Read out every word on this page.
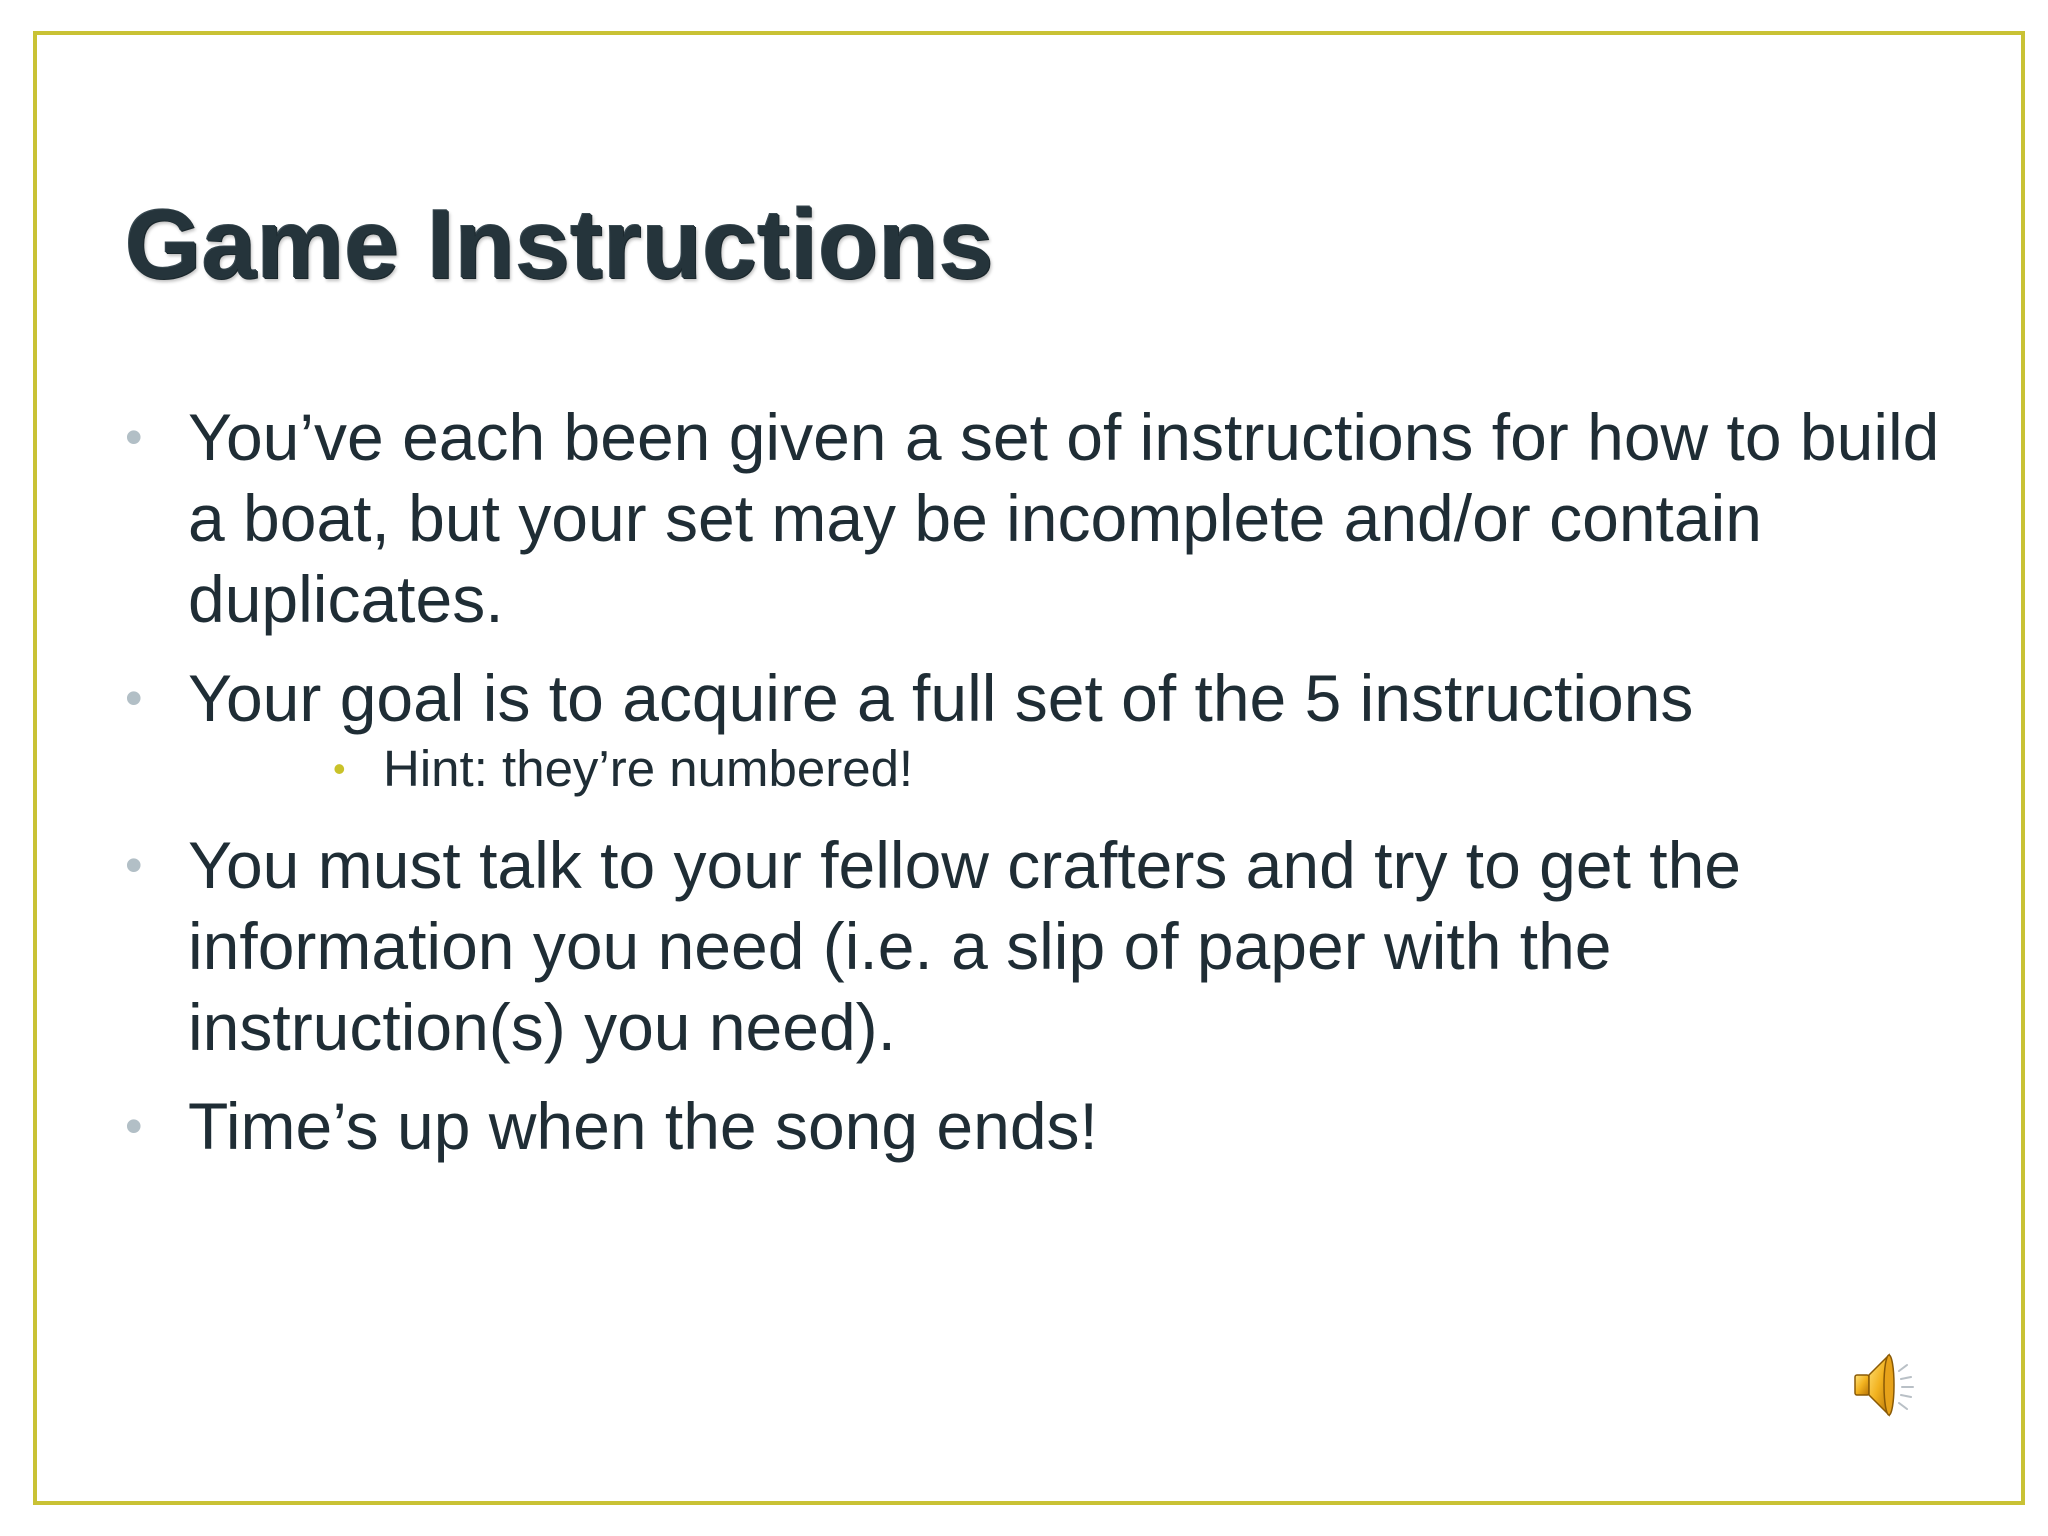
Game Instructions
• You’ve each been given a set of instructions for how to build a boat, but your set may be incomplete and/or contain duplicates.
• Your goal is to acquire a full set of the 5 instructions
• Hint: they’re numbered!
• You must talk to your fellow crafters and try to get the information you need (i.e. a slip of paper with the instruction(s) you need).
• Time’s up when the song ends!
